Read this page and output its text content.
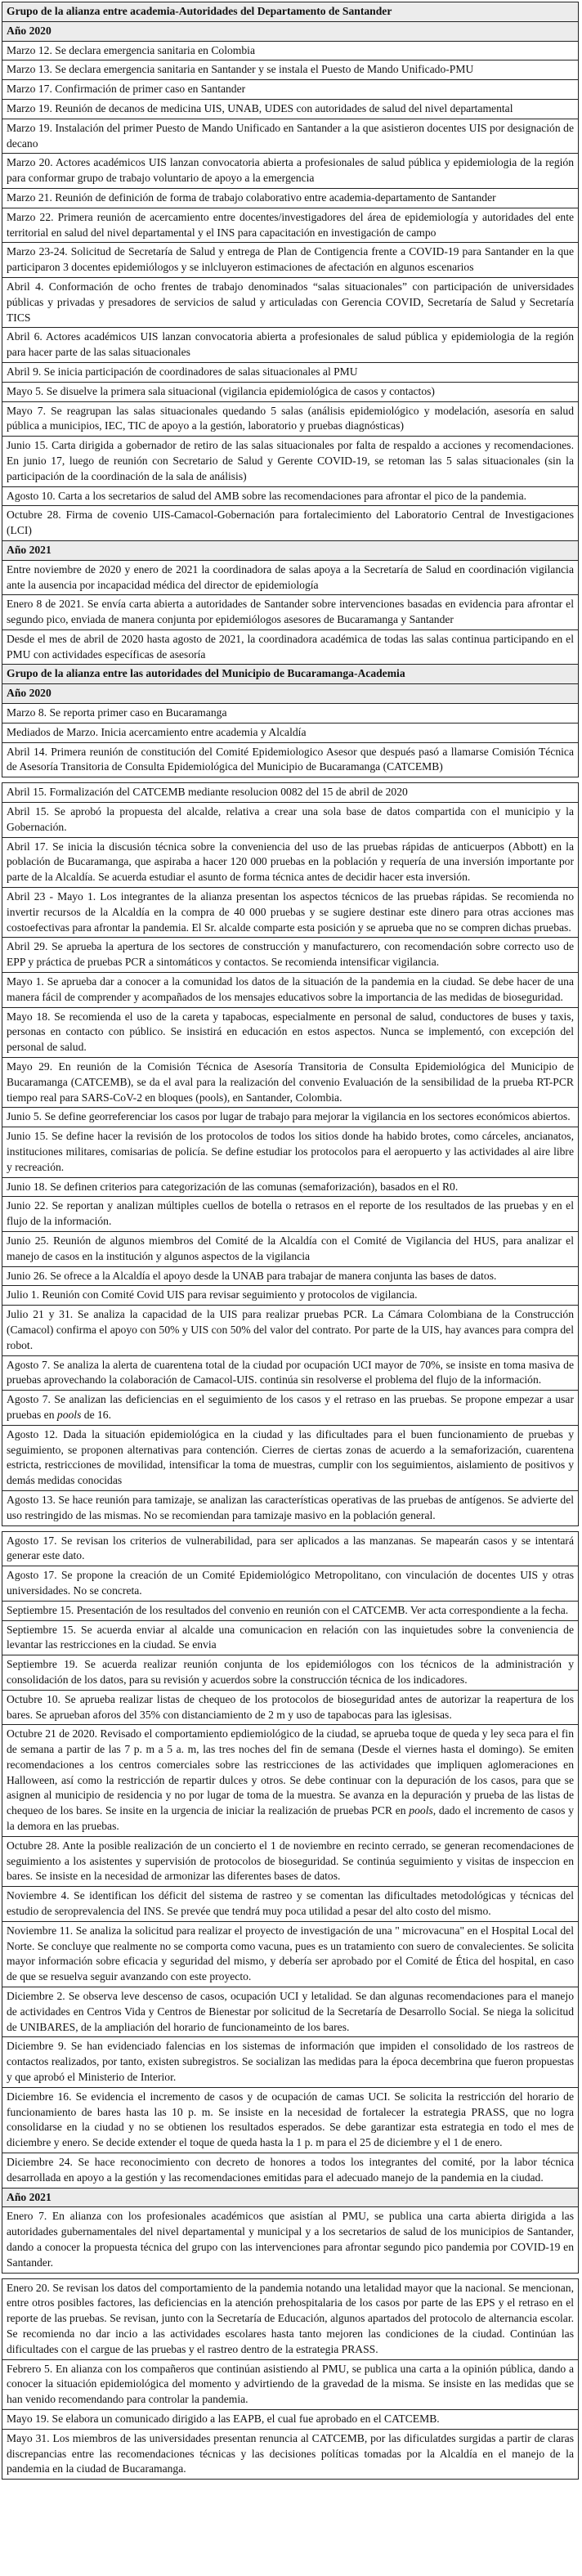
Grupo de la alianza entre academia-Autoridades del Departamento de Santander
Año 2020
Marzo 12. Se declara emergencia sanitaria en Colombia
Marzo 13. Se declara emergencia sanitaria en Santander y se instala el Puesto de Mando Unificado-PMU
Marzo 17. Confirmación de primer caso en Santander
Marzo 19. Reunión de decanos de medicina UIS, UNAB, UDES con autoridades de salud del nivel departamental
Marzo 19. Instalación del primer Puesto de Mando Unificado en Santander a la que asistieron docentes UIS por designación de decano
Marzo 20. Actores académicos UIS lanzan convocatoria abierta a profesionales de salud pública y epidemiologia de la región para conformar grupo de trabajo voluntario de apoyo a la emergencia
Marzo 21. Reunión de definición de forma de trabajo colaborativo entre academia-departamento de Santander
Marzo 22. Primera reunión de acercamiento entre docentes/investigadores del área de epidemiología y autoridades del ente territorial en salud del nivel departamental y el INS para capacitación en investigación de campo
Marzo 23-24. Solicitud de Secretaría de Salud y entrega de Plan de Contigencia frente a COVID-19 para Santander en la que participaron 3 docentes epidemiólogos y se inlcluyeron estimaciones de afectación en algunos escenarios
Abril 4. Conformación de ocho frentes de trabajo denominados “salas situacionales” con participación de universidades públicas y privadas y presadores de servicios de salud y articuladas con Gerencia COVID, Secretaría de Salud y Secretaría TICS
Abril 6. Actores académicos UIS lanzan convocatoria abierta a profesionales de salud pública y epidemiologia de la región para hacer parte de las salas situacionales
Abril 9. Se inicia participación de coordinadores de salas situacionales al PMU
Mayo 5. Se disuelve la primera sala situacional (vigilancia epidemiológica de casos y contactos)
Mayo 7. Se reagrupan las salas situacionales quedando 5 salas (análisis epidemiológico y modelación, asesoría en salud pública a municipios, IEC, TIC de apoyo a la gestión, laboratorio y pruebas diagnósticas)
Junio 15. Carta dirigida a gobernador de retiro de las salas situacionales por falta de respaldo a acciones y recomendaciones. En junio 17, luego de reunión con Secretario de Salud y Gerente COVID-19, se retoman las 5 salas situacionales (sin la participación de la coordinación de la sala de análisis)
Agosto 10. Carta a los secretarios de salud del AMB sobre las recomendaciones para afrontar el pico de la pandemia.
Octubre 28. Firma de covenio UIS-Camacol-Gobernación para fortalecimiento del Laboratorio Central de Investigaciones (LCI)
Año 2021
Entre noviembre de 2020 y enero de 2021 la coordinadora de salas apoya a la Secretaría de Salud en coordinación vigilancia ante la ausencia por incapacidad médica del director de epidemiología
Enero 8 de 2021. Se envía carta abierta a autoridades de Santander sobre intervenciones basadas en evidencia para afrontar el segundo pico, enviada de manera conjunta por epidemiólogos asesores de Bucaramanga y Santander
Desde el mes de abril de 2020 hasta agosto de 2021, la coordinadora académica de todas las salas continua participando en el PMU con actividades específicas de asesoría
Grupo de la alianza entre las autoridades del Municipio de Bucaramanga-Academia
Año 2020
Marzo 8. Se reporta primer caso en Bucaramanga
Mediados de Marzo. Inicia acercamiento entre academia y Alcaldía
Abril 14. Primera reunión de constitución del Comité Epidemiologico Asesor que después pasó a llamarse Comisión Técnica de Asesoría Transitoria de Consulta Epidemiológica del Municipio de Bucaramanga (CATCEMB)
Abril 15. Formalización del CATCEMB mediante resolucion 0082 del 15 de abril de 2020
Abril 15. Se aprobó la propuesta del alcalde, relativa a crear una sola base de datos compartida con el municipio y la Gobernación.
Abril 17. Se inicia la discusión técnica sobre la conveniencia del uso de las pruebas rápidas de anticuerpos (Abbott) en la población de Bucaramanga, que aspiraba a hacer 120 000 pruebas en la población y requería de una inversión importante por parte de la Alcaldía. Se acuerda estudiar el asunto de forma técnica antes de decidir hacer esta inversión.
Abril 23 - Mayo 1. Los integrantes de la alianza presentan los aspectos técnicos de las pruebas rápidas. Se recomienda no invertir recursos de la Alcaldía en la compra de 40 000 pruebas y se sugiere destinar este dinero para otras acciones mas costoefectivas para afrontar la pandemia. El Sr. alcalde comparte esta posición y se aprueba que no se compren dichas pruebas.
Abril 29. Se aprueba la apertura de los sectores de construcción y manufacturero, con recomendación sobre correcto uso de EPP y práctica de pruebas PCR a sintomáticos y contactos. Se recomienda intensificar vigilancia.
Mayo 1. Se aprueba dar a conocer a la comunidad los datos de la situación de la pandemia en la ciudad. Se debe hacer de una manera fácil de comprender y acompañados de los mensajes educativos sobre la importancia de las medidas de bioseguridad.
Mayo 18. Se recomienda el uso de la careta y tapabocas, especialmente en personal de salud, conductores de buses y taxis, personas en contacto con público. Se insistirá en educación en estos aspectos. Nunca se implementó, con excepción del personal de salud.
Mayo 29. En reunión de la Comisión Técnica de Asesoría Transitoria de Consulta Epidemiológica del Municipio de Bucaramanga (CATCEMB), se da el aval para la realización del convenio Evaluación de la sensibilidad de la prueba RT-PCR tiempo real para SARS-CoV-2 en bloques (pools), en Santander, Colombia.
Junio 5. Se define georreferenciar los casos por lugar de trabajo para mejorar la vigilancia en los sectores económicos abiertos.
Junio 15. Se define hacer la revisión de los protocolos de todos los sitios donde ha habido brotes, como cárceles, ancianatos, instituciones militares, comisarias de policía. Se define estudiar los protocolos para el aeropuerto y las actividades al aire libre y recreación.
Junio 18. Se definen criterios para categorización de las comunas (semaforización), basados en el R0.
Junio 22. Se reportan y analizan múltiples cuellos de botella o retrasos en el reporte de los resultados de las pruebas y en el flujo de la información.
Junio 25. Reunión de algunos miembros del Comité de la Alcaldía con el Comité de Vigilancia del HUS, para analizar el manejo de casos en la institución y algunos aspectos de la vigilancia
Junio 26. Se ofrece a la Alcaldía el apoyo desde la UNAB para trabajar de manera conjunta las bases de datos.
Julio 1. Reunión con Comité Covid UIS para revisar seguimiento y protocolos de vigilancia.
Julio 21 y 31. Se analiza la capacidad de la UIS para realizar pruebas PCR. La Cámara Colombiana de la Construcción (Camacol) confirma el apoyo con 50% y UIS con 50% del valor del contrato. Por parte de la UIS, hay avances para compra del robot.
Agosto 7. Se analiza la alerta de cuarentena total de la ciudad por ocupación UCI mayor de 70%, se insiste en toma masiva de pruebas aprovechando la colaboración de Camacol-UIS. continúa sin resolverse el problema del flujo de la información.
Agosto 7. Se analizan las deficiencias en el seguimiento de los casos y el retraso en las pruebas. Se propone empezar a usar pruebas en pools de 16.
Agosto 12. Dada la situación epidemiológica en la ciudad y las dificultades para el buen funcionamiento de pruebas y seguimiento, se proponen alternativas para contención. Cierres de ciertas zonas de acuerdo a la semaforización, cuarentena estricta, restricciones de movilidad, intensificar la toma de muestras, cumplir con los seguimientos, aislamiento de positivos y demás medidas conocidas
Agosto 13. Se hace reunión para tamizaje, se analizan las características operativas de las pruebas de antígenos. Se advierte del uso restringido de las mismas. No se recomiendan para tamizaje masivo en la población general.
Agosto 17. Se revisan los criterios de vulnerabilidad, para ser aplicados a las manzanas. Se mapearán casos y se intentará generar este dato.
Agosto 17. Se propone la creación de un Comité Epidemiológico Metropolitano, con vinculación de docentes UIS y otras universidades. No se concreta.
Septiembre 15. Presentación de los resultados del convenio en reunión con el CATCEMB. Ver acta correspondiente a la fecha.
Septiembre 15. Se acuerda enviar al alcalde una comunicacion en relación con las inquietudes sobre la conveniencia de levantar las restricciones en la ciudad. Se envia
Septiembre 19. Se acuerda realizar reunión conjunta de los epidemiólogos con los técnicos de la administración y consolidación de los datos, para su revisión y acuerdos sobre la construcción técnica de los indicadores.
Octubre 10. Se aprueba realizar listas de chequeo de los protocolos de bioseguridad antes de autorizar la reapertura de los bares. Se aprueban aforos del 35% con distanciamiento de 2 m y uso de tapabocas para las iglesisas.
Octubre 21 de 2020. Revisado el comportamiento epdiemiológico de la ciudad, se aprueba toque de queda y ley seca para el fin de semana a partir de las 7 p. m a 5 a. m, las tres noches del fin de semana (Desde el viernes hasta el domingo). Se emiten recomendaciones a los centros comerciales sobre las restricciones de las actividades que impliquen aglomeraciones en Halloween, así como la restricción de repartir dulces y otros. Se debe continuar con la depuración de los casos, para que se asignen al municipio de residencia y no por lugar de toma de la muestra. Se avanza en la depuración y prueba de las listas de chequeo de los bares. Se insite en la urgencia de iniciar la realización de pruebas PCR en pools, dado el incremento de casos y la demora en las pruebas.
Octubre 28. Ante la posible realización de un concierto el 1 de noviembre en recinto cerrado, se generan recomendaciones de seguimiento a los asistentes y supervisión de protocolos de bioseguridad. Se continúa seguimiento y visitas de inspeccion en bares. Se insiste en la necesidad de armonizar las diferentes bases de datos.
Noviembre 4. Se identifican los déficit del sistema de rastreo y se comentan las dificultades metodológicas y técnicas del estudio de seroprevalencia del INS. Se prevée que tendrá muy poca utilidad a pesar del alto costo del mismo.
Noviembre 11. Se analiza la solicitud para realizar el proyecto de investigación de una " microvacuna" en el Hospital Local del Norte. Se concluye que realmente no se comporta como vacuna, pues es un tratamiento con suero de convalecientes. Se solicita mayor información sobre eficacia y seguridad del mismo, y debería ser aprobado por el Comité de Ética del hospital, en caso de que se resuelva seguir avanzando con este proyecto.
Diciembre 2. Se observa leve descenso de casos, ocupación UCI y letalidad. Se dan algunas recomendaciones para el manejo de actividades en Centros Vida y Centros de Bienestar por solicitud de la Secretaría de Desarrollo Social. Se niega la solicitud de UNIBARES, de la ampliación del horario de funcionameinto de los bares.
Diciembre 9. Se han evidenciado falencias en los sistemas de información que impiden el consolidado de los rastreos de contactos realizados, por tanto, existen subregistros. Se socializan las medidas para la época decembrina que fueron propuestas y que aprobó el Ministerio de Interior.
Diciembre 16. Se evidencia el incremento de casos y de ocupación de camas UCI. Se solicita la restricción del horario de funcionamiento de bares hasta las 10 p. m. Se insiste en la necesidad de fortalecer la estrategia PRASS, que no logra consolidarse en la ciudad y no se obtienen los resultados esperados. Se debe garantizar esta estrategia en todo el mes de diciembre y enero. Se decide extender el toque de queda hasta la 1 p. m para el 25 de diciembre y el 1 de enero.
Diciembre 24. Se hace reconocimiento con decreto de honores a todos los integrantes del comité, por la labor técnica desarrollada en apoyo a la gestión y las recomendaciones emitidas para el adecuado manejo de la pandemia en la ciudad.
Año 2021
Enero 7. En alianza con los profesionales académicos que asistían al PMU, se publica una carta abierta dirigida a las autoridades gubernamentales del nivel departamental y municipal y a los secretarios de salud de los municipios de Santander, dando a conocer la propuesta técnica del grupo con las intervenciones para afrontar segundo pico pandemia por COVID-19 en Santander.
Enero 20. Se revisan los datos del comportamiento de la pandemia notando una letalidad mayor que la nacional. Se mencionan, entre otros posibles factores, las deficiencias en la atención prehospitalaria de los casos por parte de las EPS y el retraso en el reporte de las pruebas. Se revisan, junto con la Secretaría de Educación, algunos apartados del protocolo de alternancia escolar. Se recomienda no dar incio a las actividades escolares hasta tanto mejoren las condiciones de la ciudad. Continúan las dificultades con el cargue de las pruebas y el rastreo dentro de la estrategia PRASS.
Febrero 5. En alianza con los compañeros que continúan asistiendo al PMU, se publica una carta a la opinión pública, dando a conocer la situación epidemiológica del momento y advirtiendo de la gravedad de la misma. Se insiste en las medidas que se han venido recomendando para controlar la pandemia.
Mayo 19. Se elabora un comunicado dirigido a las EAPB, el cual fue aprobado en el CATCEMB.
Mayo 31. Los miembros de las universidades presentan renuncia al CATCEMB, por las dificulatdes surgidas a partir de claras discrepancias entre las recomendaciones técnicas y las decisiones políticas tomadas por la Alcaldía en el manejo de la pandemia en la ciudad de Bucaramanga.
